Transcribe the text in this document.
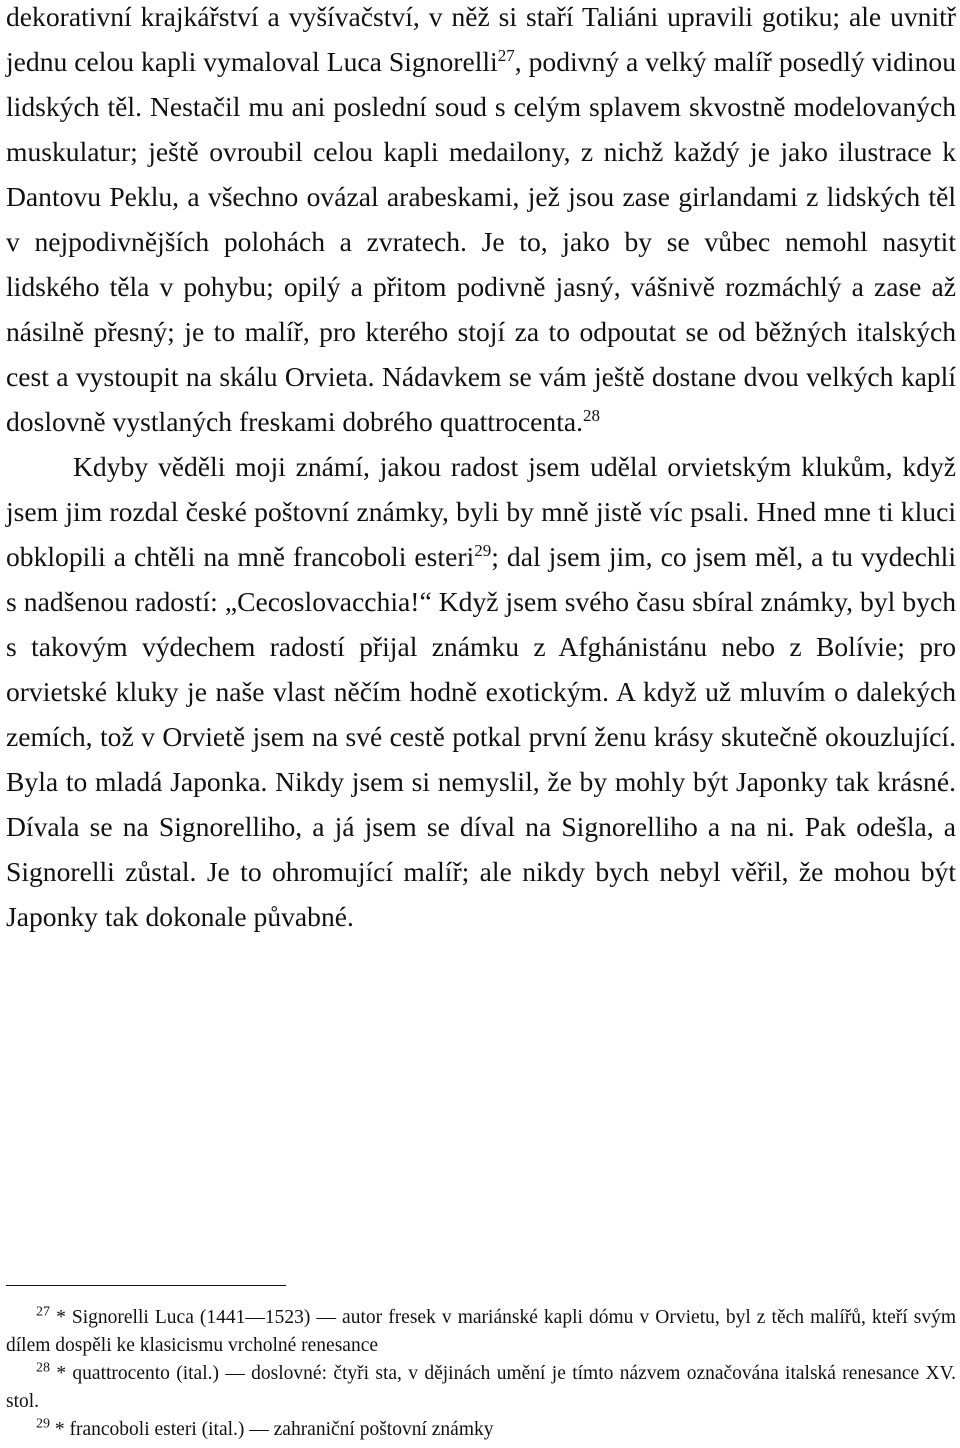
dekorativní krajkářství a vyšívačství, v něž si staří Taliáni upravili gotiku; ale uvnitř jednu celou kapli vymaloval Luca Signorelli$^{27}$, podivný a velký malíř posedlý vidinou lidských těl. Nestačil mu ani poslední soud s celým splavem skvostně modelovaných muskulatur; ještě ovroubil celou kapli medailony, z nichž každý je jako ilustrace k Dantovu Peklu, a všechno ovázal arabeskami, jež jsou zase girlandami z lidských těl v nejpodivnějších polohách a zvratech. Je to, jako by se vůbec nemohl nasytit lidského těla v pohybu; opilý a přitom podivně jasný, vášnivě rozmáchlý a zase až násilně přesný; je to malíř, pro kterého stojí za to odpoutat se od běžných italských cest a vystoupit na skálu Orvieta. Nádavkem se vám ještě dostane dvou velkých kaplí doslovně vystlaných freskami dobrého quattrocenta.$^{28}$

Kdyby věděli moji známí, jakou radost jsem udělal orvietským klukům, když jsem jim rozdal české poštovní známky, byli by mně jistě víc psali. Hned mne ti kluci obklopili a chtěli na mně francoboli esteri$^{29}$; dal jsem jim, co jsem měl, a tu vydechli s nadšenou radostí: „Cecoslovacchia!“ Když jsem svého času sbíral známky, byl bych s takovým výdechem radostí přijal známku z Afghánistánu nebo z Bolívie; pro orvietské kluky je naše vlast něčím hodně exotickým. A když už mluvím o dalekých zemích, tož v Orvietě jsem na své cestě potkal první ženu krásy skutečně okouzlující. Byla to mladá Japonka. Nikdy jsem si nemyslil, že by mohly být Japonky tak krásné. Dívala se na Signorelliho, a já jsem se díval na Signorelliho a na ni. Pak odešla, a Signorelli zůstal. Je to ohromující malíř; ale nikdy bych nebyl věřil, že mohou být Japonky tak dokonale půvabné.

$^{27}$ * Signorelli Luca (1441—1523) — autor fresek v mariánské kapli dómu v Orvietu, byl z těch malířů, kteří svým dílem dospěli ke klasicismu vrcholné renesance

$^{28}$ * quattrocento (ital.) — doslovné: čtyři sta, v dějinách umění je tímto názvem označována italská renesance XV. stol.

$^{29}$ * francoboli esteri (ital.) — zahraniční poštovní známky
